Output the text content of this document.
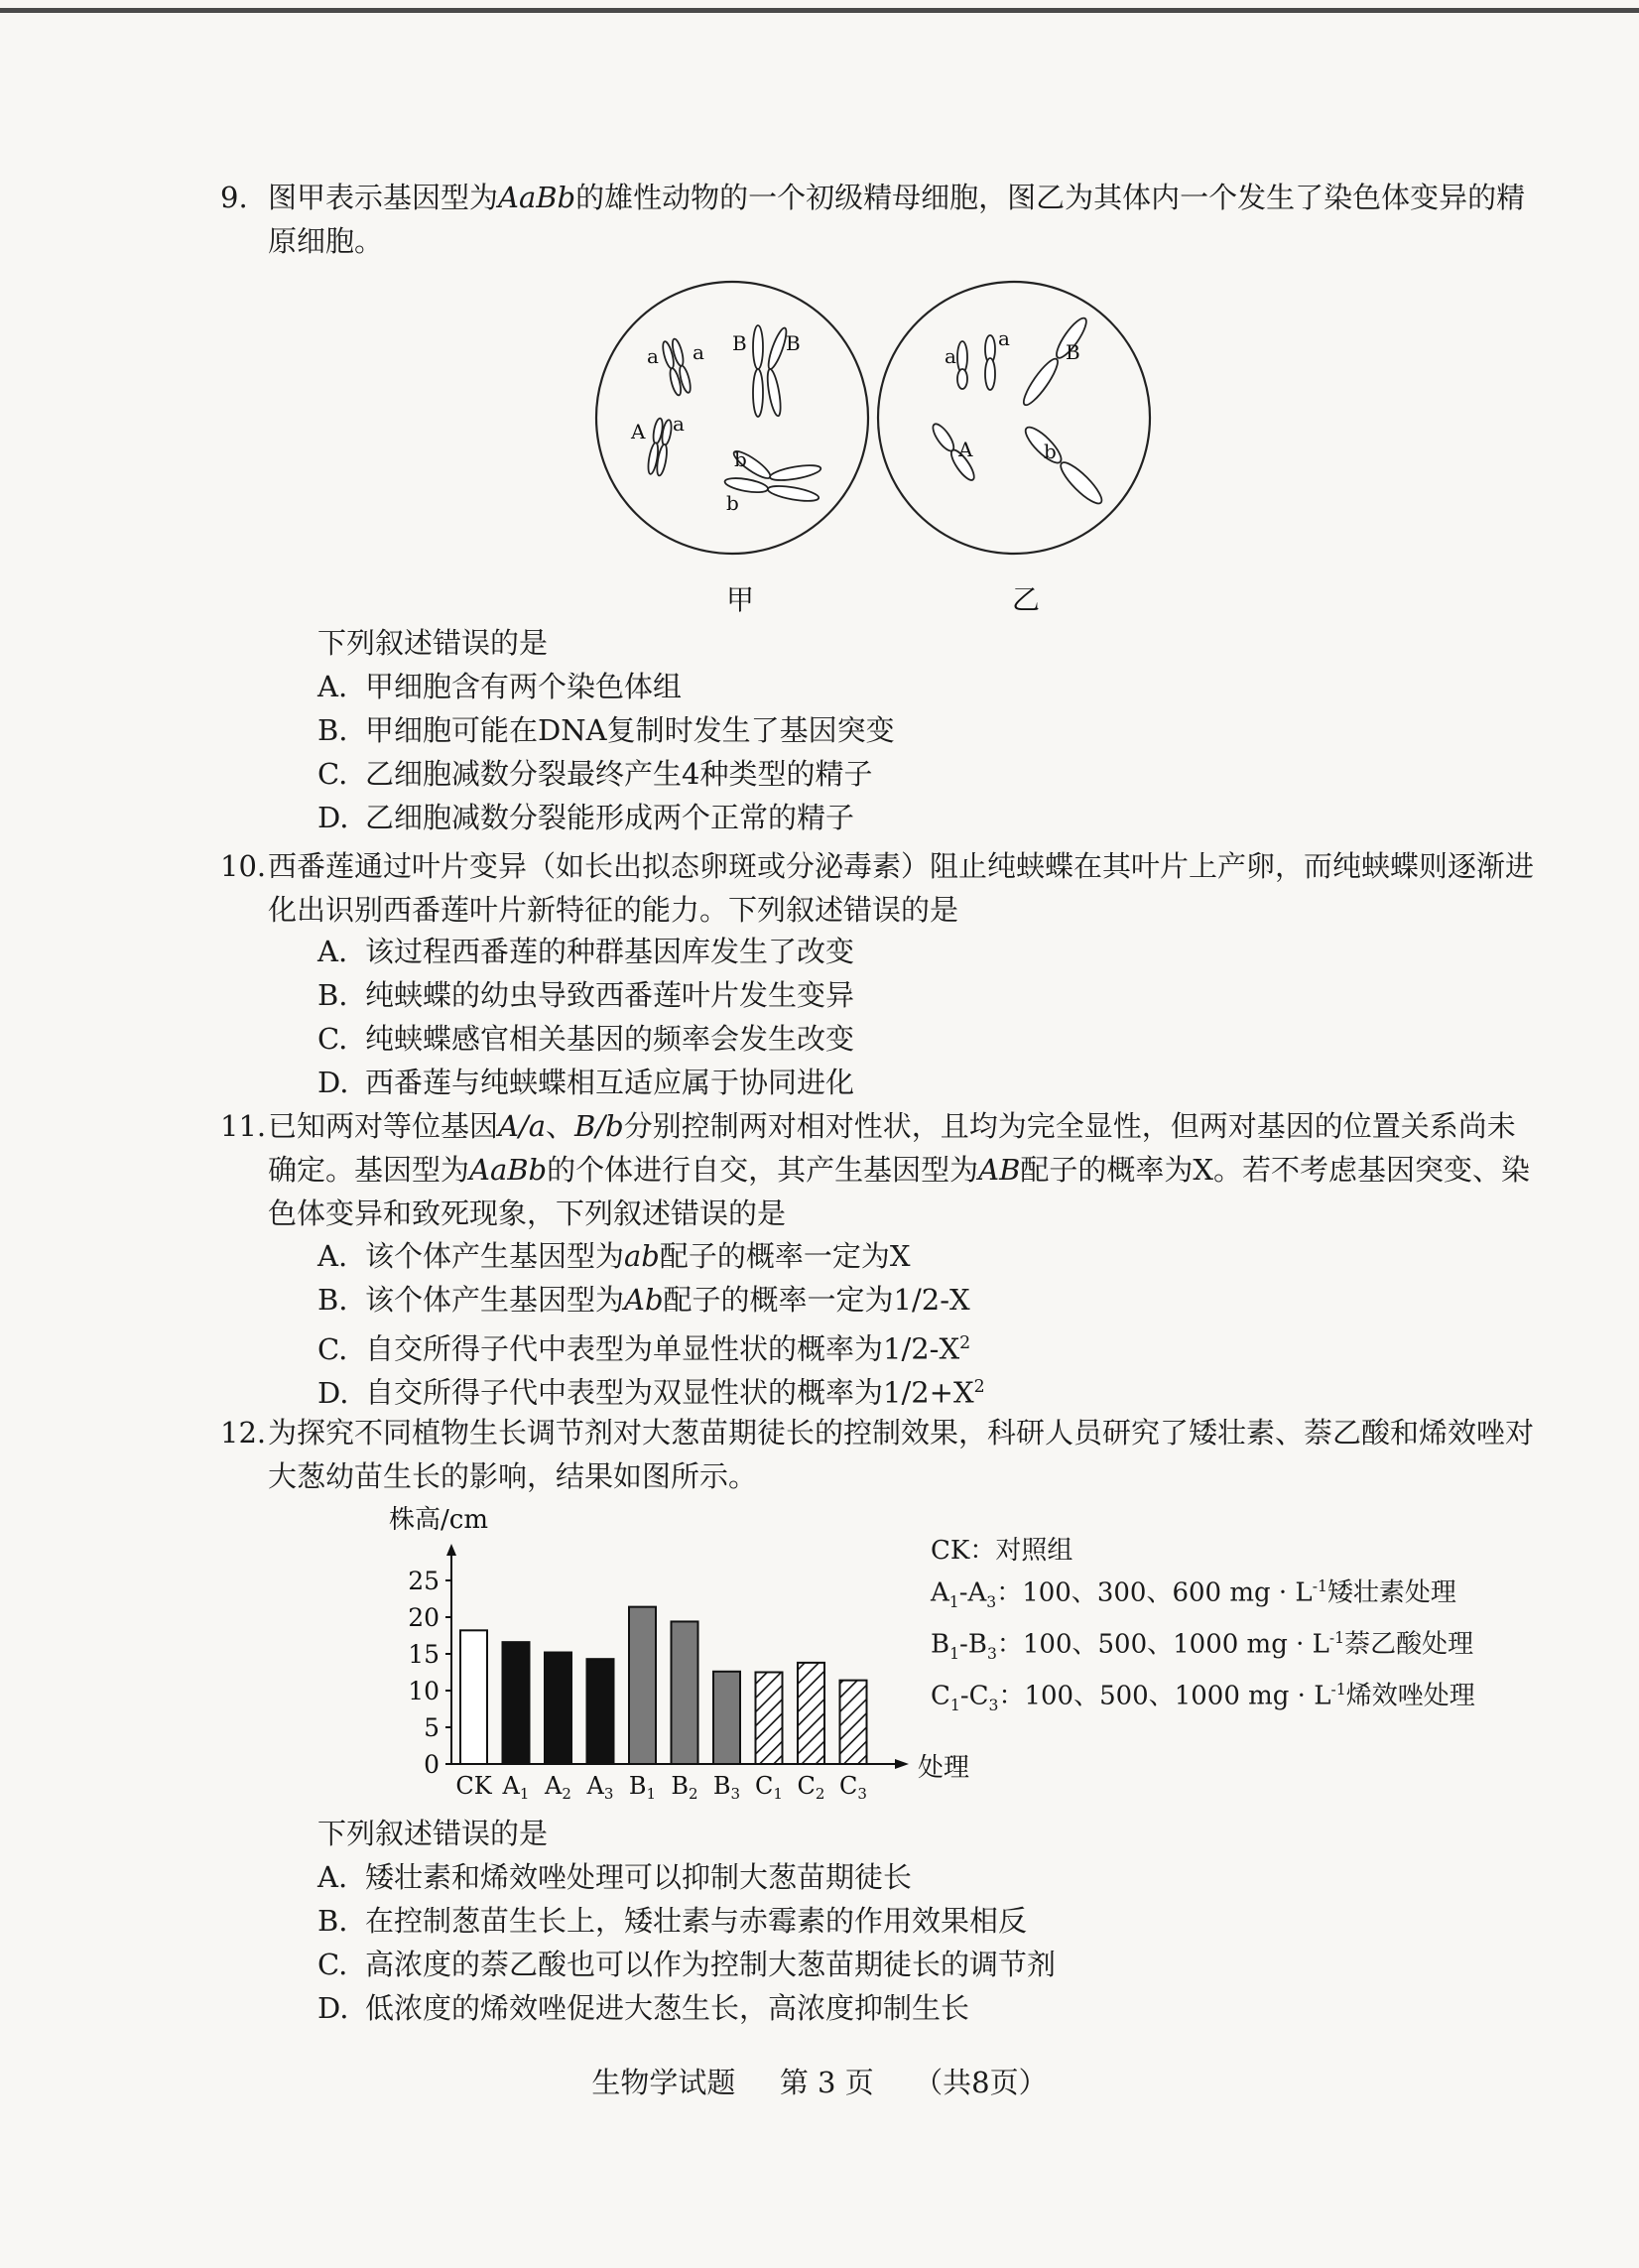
9. 图甲表示基因型为AaBb的雄性动物的一个初级精母细胞，图乙为其体内一个发生了染色体变异的精原细胞。
a a B B
A a
b
b
a
a
B
A	b
甲	乙
下列叙述错误的是
A. 甲细胞含有两个染色体组
B. 甲细胞可能在DNA复制时发生了基因突变
C. 乙细胞减数分裂最终产生4种类型的精子
D. 乙细胞减数分裂能形成两个正常的精子
10. 西番莲通过叶片变异（如长出拟态卵斑或分泌毒素）阻止纯蛱蝶在其叶片上产卵，而纯蛱蝶则逐渐进化出识别西番莲叶片新特征的能力。下列叙述错误的是
A. 该过程西番莲的种群基因库发生了改变
B. 纯蛱蝶的幼虫导致西番莲叶片发生变异
C. 纯蛱蝶感官相关基因的频率会发生改变
D. 西番莲与纯蛱蝶相互适应属于协同进化
11. 已知两对等位基因A/a、B/b分别控制两对相对性状，且均为完全显性，但两对基因的位置关系尚未确定。基因型为AaBb的个体进行自交，其产生基因型为AB配子的概率为X。若不考虑基因突变、染色体变异和致死现象，下列叙述错误的是
A. 该个体产生基因型为ab配子的概率一定为X
B. 该个体产生基因型为Ab配子的概率一定为1/2-X
C. 自交所得子代中表型为单显性状的概率为$1/2-X^2$
D. 自交所得子代中表型为双显性状的概率为$1/2+X^2$
12. 为探究不同植物生长调节剂对大葱苗期徒长的控制效果，科研人员研究了矮壮素、萘乙酸和烯效唑对大葱幼苗生长的影响，结果如图所示。
株高/cm
处理
0
5
10
15
20
25
CK $A_1$ $A_2$ $A_3$ $B_1$ $B_2$ $B_3$ $C_1$ $C_2$ $C_3$
CK：对照组
$A_1-A_3$：100、300、600 mg · $L^{-1}$矮壮素处理
$B_1-B_3$：100、500、1000 mg · $L^{-1}$萘乙酸处理
$C_1-C_3$：100、500、1000 mg · $L^{-1}$烯效唑处理
下列叙述错误的是
A. 矮壮素和烯效唑处理可以抑制大葱苗期徒长
B. 在控制葱苗生长上，矮壮素与赤霉素的作用效果相反
C. 高浓度的萘乙酸也可以作为控制大葱苗期徒长的调节剂
D. 低浓度的烯效唑促进大葱生长，高浓度抑制生长
生物学试题 第 3 页 （共8页）
